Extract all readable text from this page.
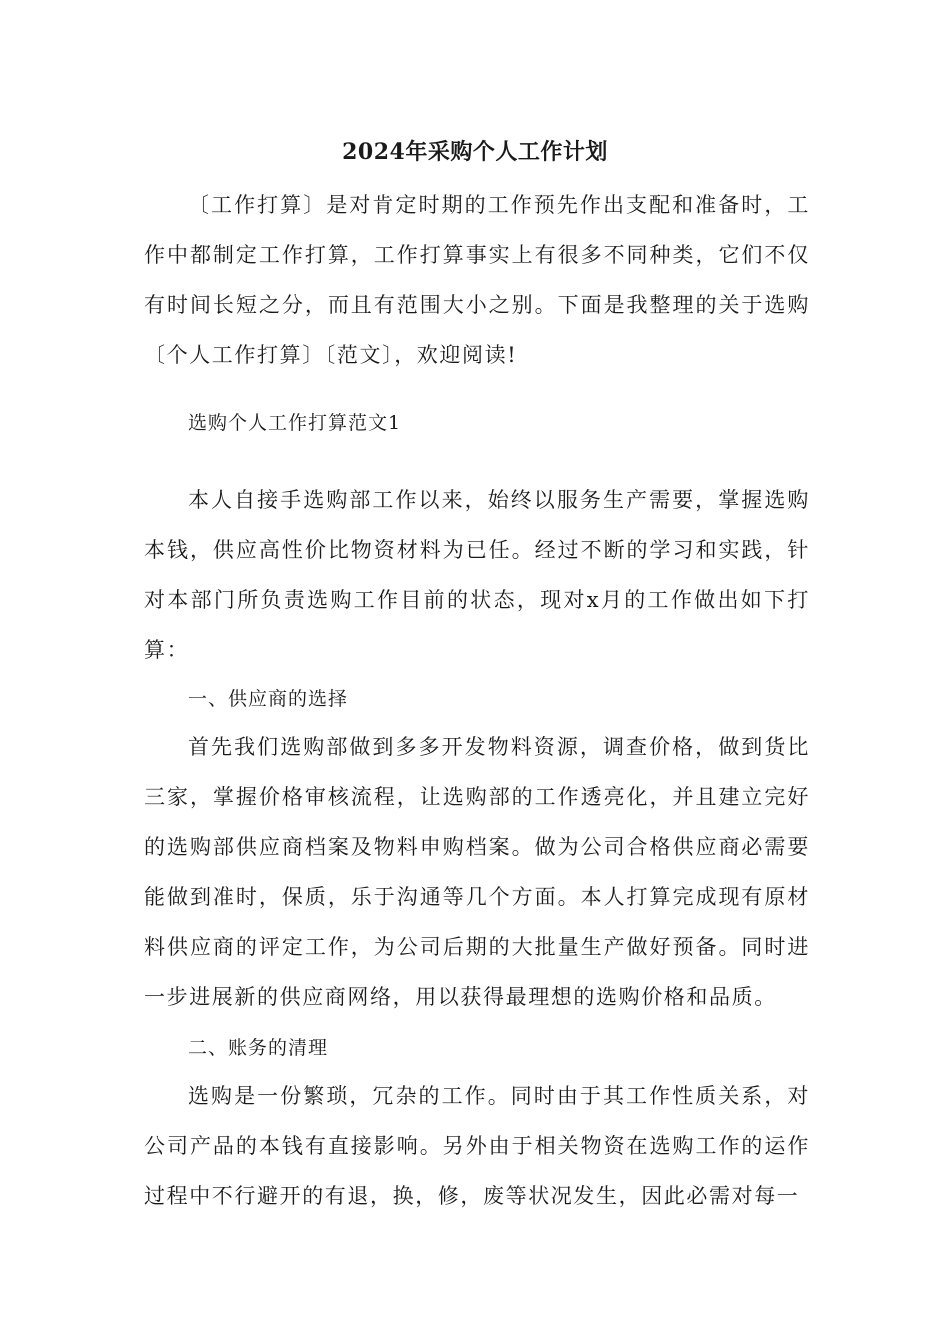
2024年采购个人工作计划

〔工作打算〕是对肯定时期的工作预先作出支配和准备时，工作中都制定工作打算，工作打算事实上有很多不同种类，它们不仅有时间长短之分，而且有范围大小之别。下面是我整理的关于选购〔个人工作打算〕〔范文〕，欢迎阅读!

选购个人工作打算范文1

本人自接手选购部工作以来，始终以服务生产需要，掌握选购本钱，供应高性价比物资材料为已任。经过不断的学习和实践，针对本部门所负责选购工作目前的状态，现对x月的工作做出如下打算：

一、供应商的选择

首先我们选购部做到多多开发物料资源，调查价格，做到货比三家，掌握价格审核流程，让选购部的工作透亮化，并且建立完好的选购部供应商档案及物料申购档案。做为公司合格供应商必需要能做到准时，保质，乐于沟通等几个方面。本人打算完成现有原材料供应商的评定工作，为公司后期的大批量生产做好预备。同时进一步进展新的供应商网络，用以获得最理想的选购价格和品质。

二、账务的清理

选购是一份繁琐，冗杂的工作。同时由于其工作性质关系，对公司产品的本钱有直接影响。另外由于相关物资在选购工作的运作过程中不行避开的有退，换，修，废等状况发生，因此必需对每一
